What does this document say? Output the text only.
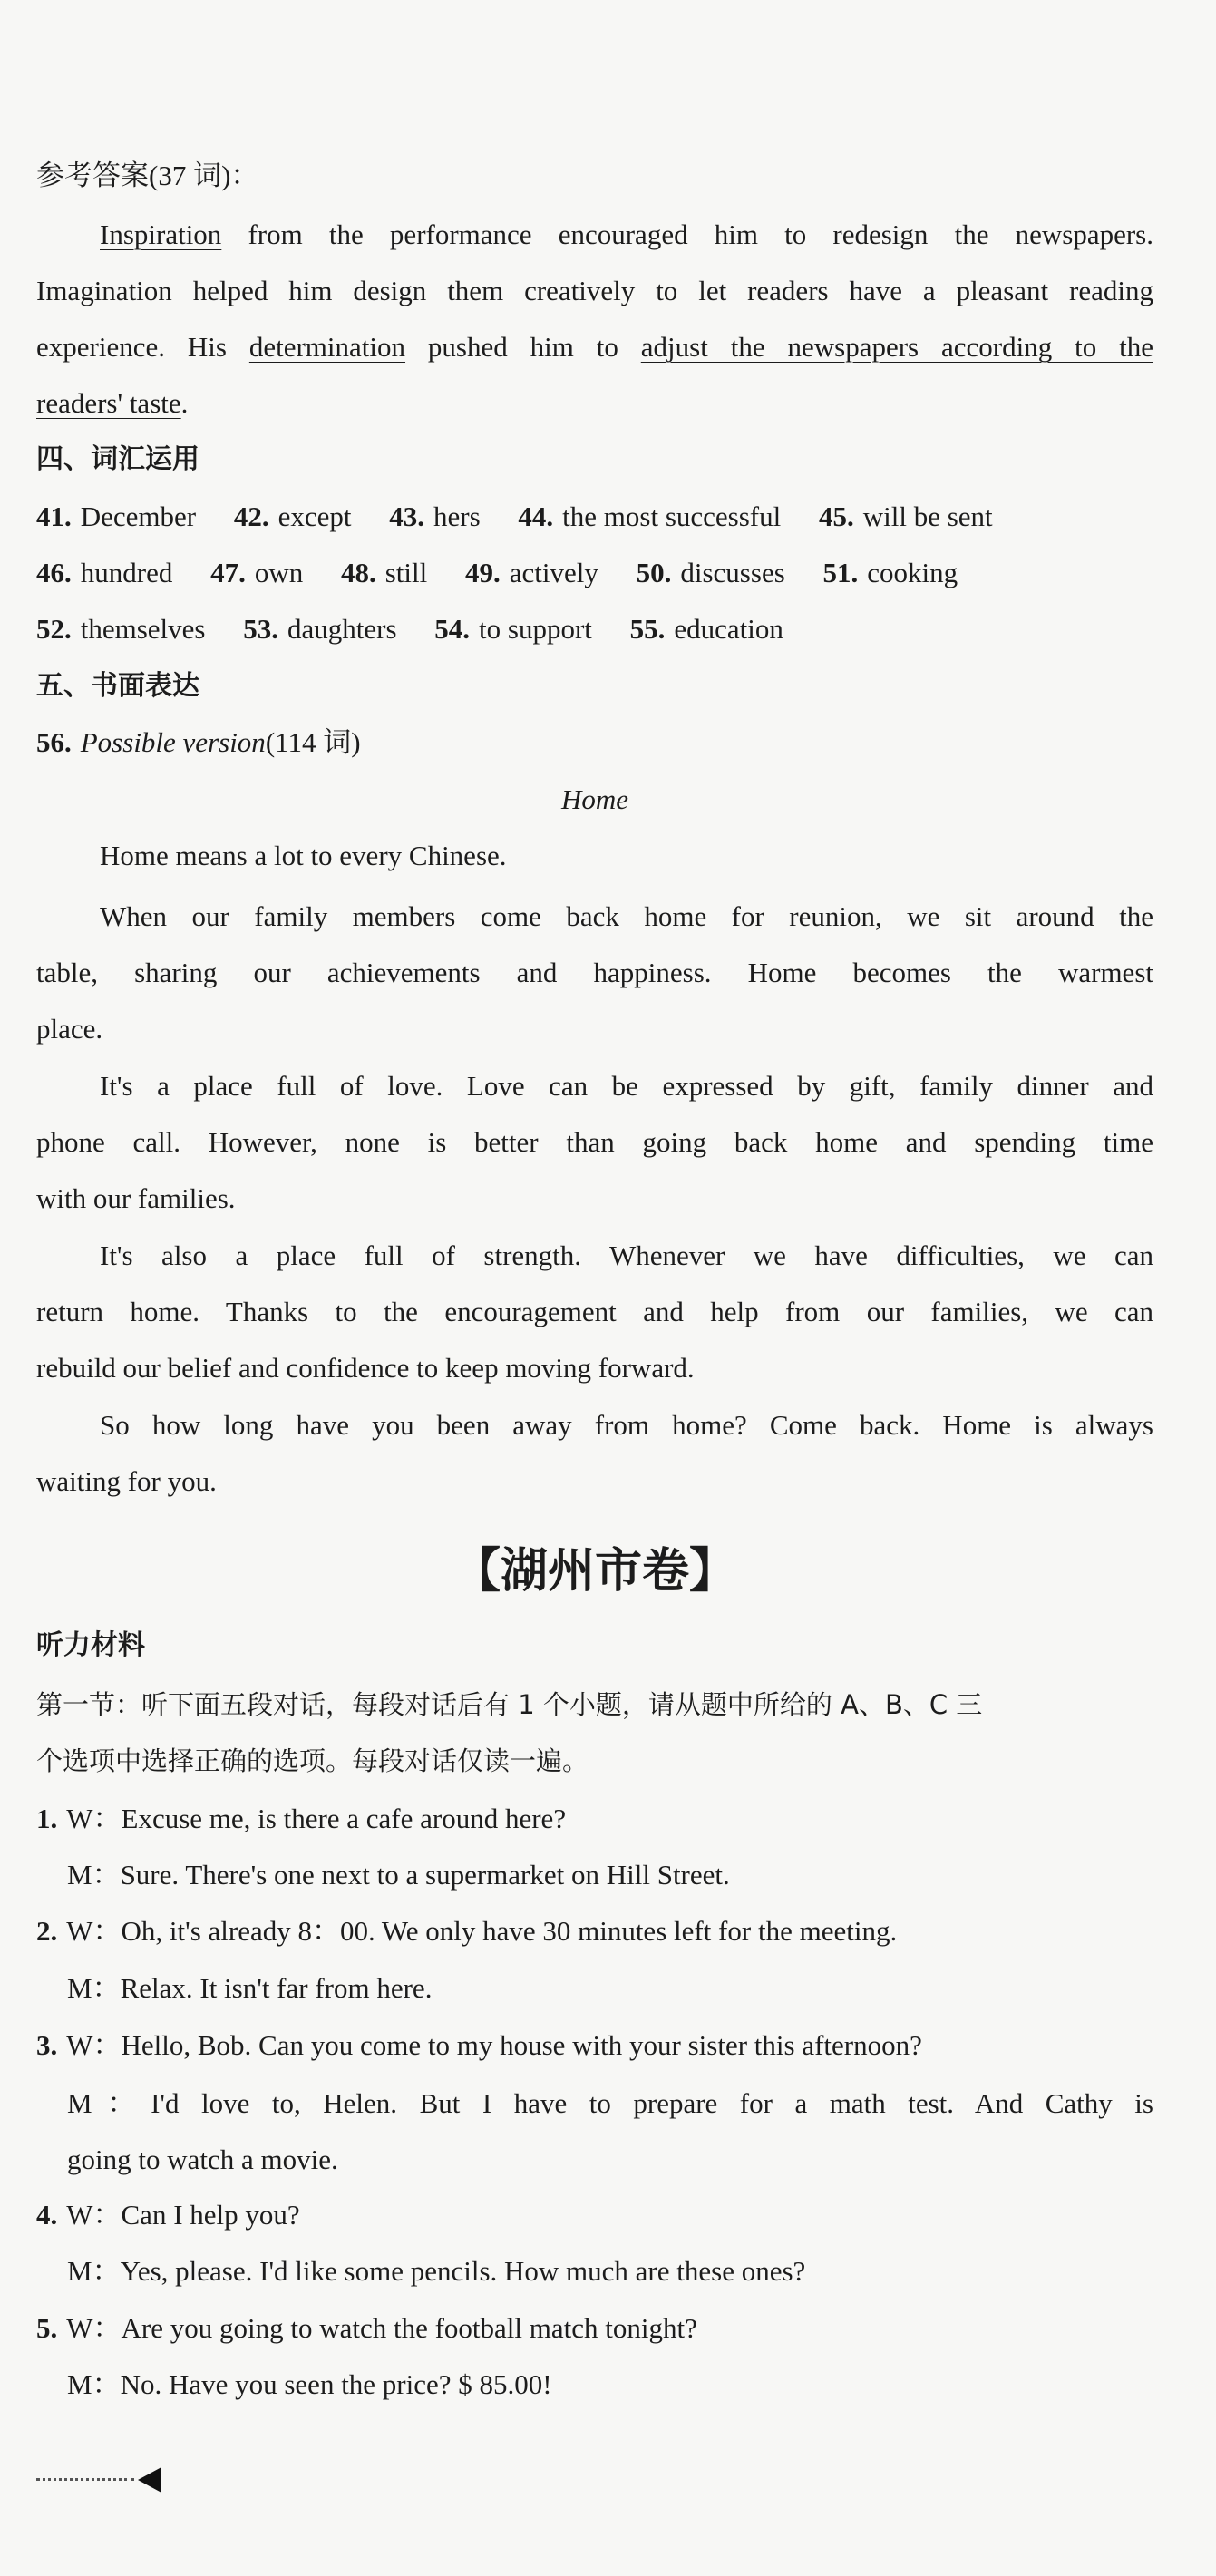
参考答案(37 词)：
Inspiration from the performance encouraged him to redesign the newspapers.
Imagination helped him design them creatively to let readers have a pleasant reading
experience. His determination pushed him to adjust the newspapers according to the
readers' taste.
四、词汇运用
41. December 42. except 43. hers 44. the most successful 45. will be sent
46. hundred 47. own 48. still 49. actively 50. discusses 51. cooking
52. themselves 53. daughters 54. to support 55. education
五、书面表达
56. Possible version(114 词)
Home
Home means a lot to every Chinese.
When our family members come back home for reunion, we sit around the
table, sharing our achievements and happiness. Home becomes the warmest
place.
It's a place full of love. Love can be expressed by gift, family dinner and
phone call. However, none is better than going back home and spending time
with our families.
It's also a place full of strength. Whenever we have difficulties, we can
return home. Thanks to the encouragement and help from our families, we can
rebuild our belief and confidence to keep moving forward.
So how long have you been away from home? Come back. Home is always
waiting for you.
【湖州市卷】
听力材料
第一节：听下面五段对话，每段对话后有 1 个小题，请从题中所给的 A、B、C 三
个选项中选择正确的选项。每段对话仅读一遍。
1. W：Excuse me, is there a cafe around here?
M：Sure. There's one next to a supermarket on Hill Street.
2. W：Oh, it's already 8：00. We only have 30 minutes left for the meeting.
M：Relax. It isn't far from here.
3. W：Hello, Bob. Can you come to my house with your sister this afternoon?
M：I'd love to, Helen. But I have to prepare for a math test. And Cathy is
going to watch a movie.
4. W：Can I help you?
M：Yes, please. I'd like some pencils. How much are these ones?
5. W：Are you going to watch the football match tonight?
M：No. Have you seen the price? $ 85.00!
